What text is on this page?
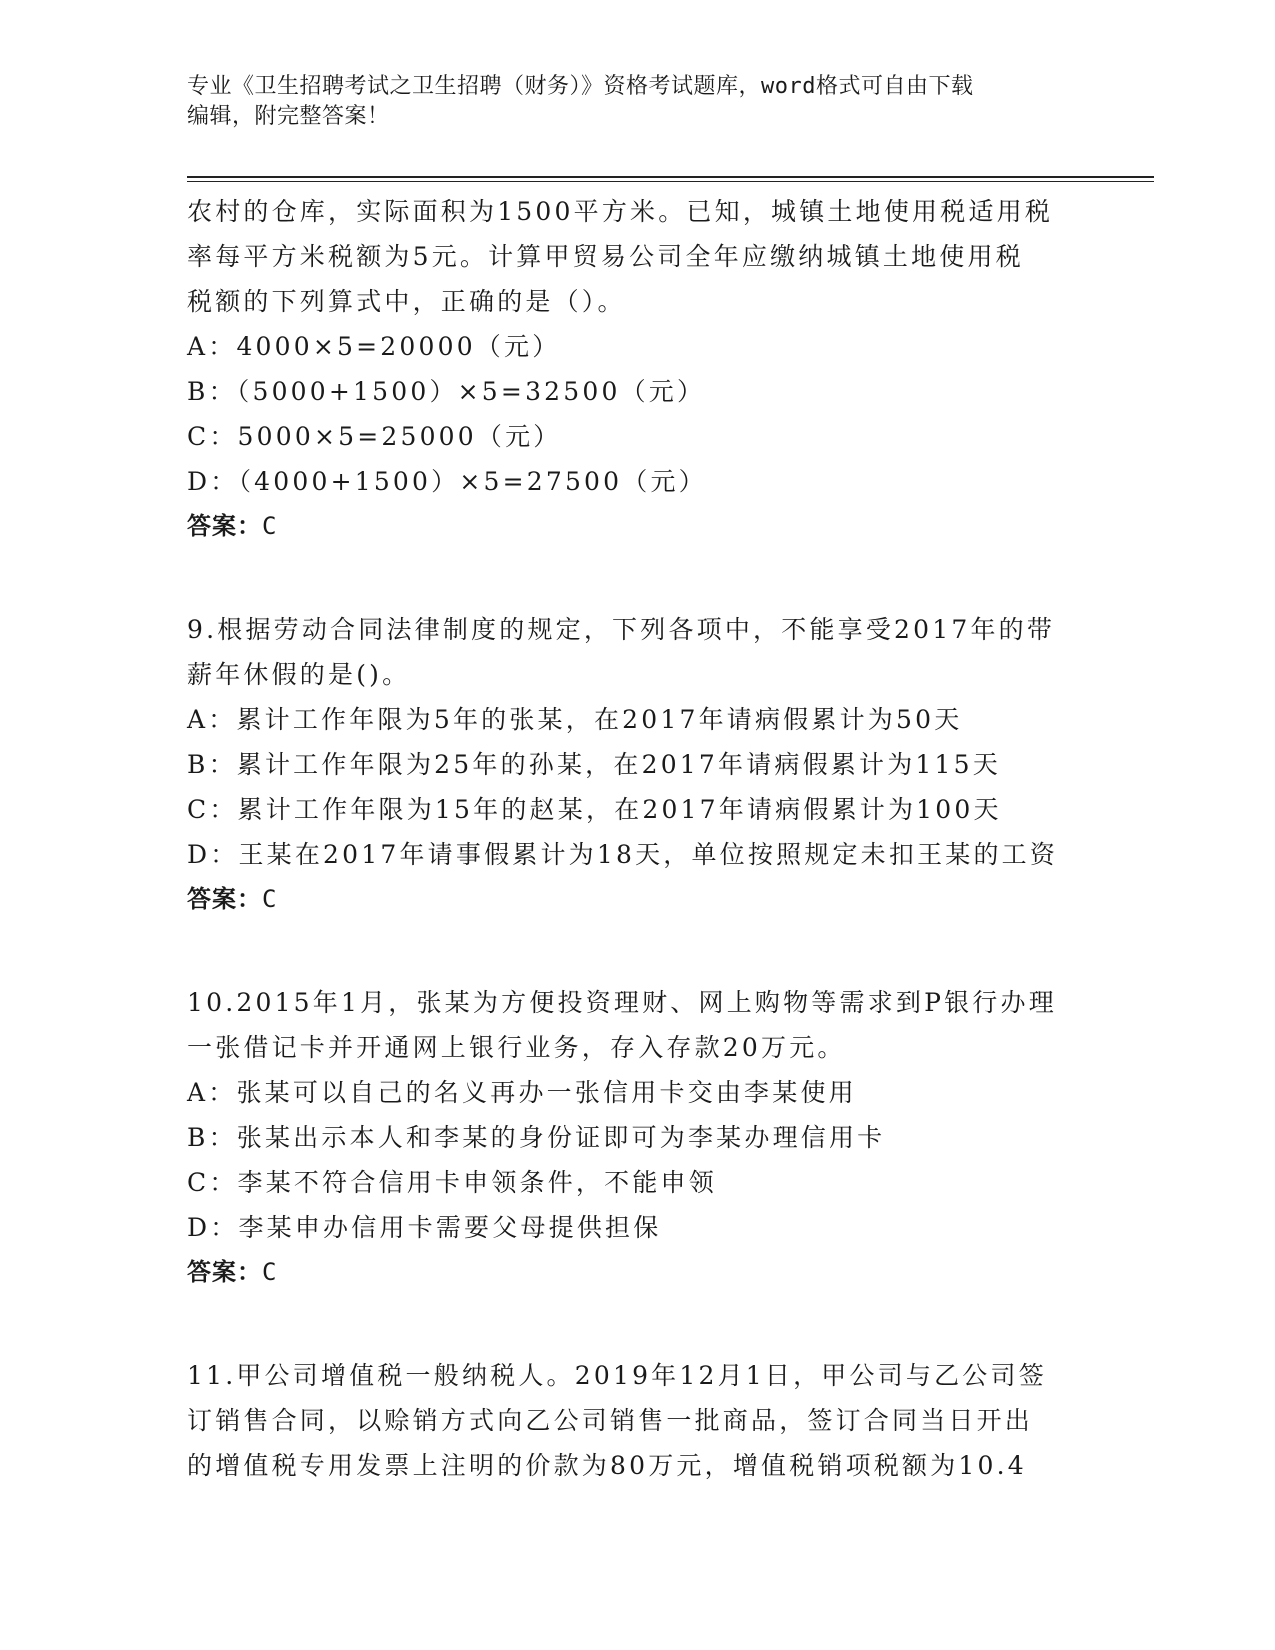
专业《卫生招聘考试之卫生招聘（财务）》资格考试题库，word格式可自由下载
编辑，附完整答案！
农村的仓库，实际面积为1500平方米。已知，城镇土地使用税适用税
率每平方米税额为5元。计算甲贸易公司全年应缴纳城镇土地使用税
税额的下列算式中，正确的是（）。
A：4000×5=20000（元）
B：（5000+1500）×5=32500（元）
C：5000×5=25000（元）
D：（4000+1500）×5=27500（元）
答案：C
9.根据劳动合同法律制度的规定，下列各项中，不能享受2017年的带
薪年休假的是()。
A：累计工作年限为5年的张某，在2017年请病假累计为50天
B：累计工作年限为25年的孙某，在2017年请病假累计为115天
C：累计工作年限为15年的赵某，在2017年请病假累计为100天
D：王某在2017年请事假累计为18天，单位按照规定未扣王某的工资
答案：C
10.2015年1月，张某为方便投资理财、网上购物等需求到P银行办理
一张借记卡并开通网上银行业务，存入存款20万元。
A：张某可以自己的名义再办一张信用卡交由李某使用
B：张某出示本人和李某的身份证即可为李某办理信用卡
C：李某不符合信用卡申领条件，不能申领
D：李某申办信用卡需要父母提供担保
答案：C
11.甲公司增值税一般纳税人。2019年12月1日，甲公司与乙公司签
订销售合同，以赊销方式向乙公司销售一批商品，签订合同当日开出
的增值税专用发票上注明的价款为80万元，增值税销项税额为10.4
